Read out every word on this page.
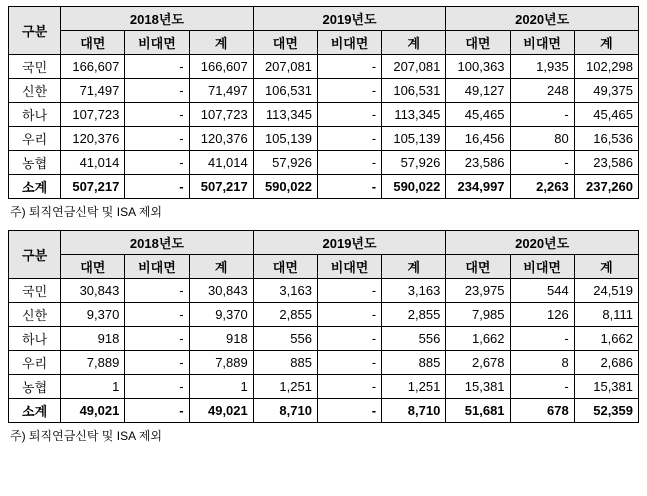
구분	2018년도			2019년도			2020년도		
	대면	비대면	계	대면	비대면	계	대면	비대면	계
국민	166,607	-	166,607	207,081	-	207,081	100,363	1,935	102,298
신한	71,497	-	71,497	106,531	-	106,531	49,127	248	49,375
하나	107,723	-	107,723	113,345	-	113,345	45,465	-	45,465
우리	120,376	-	120,376	105,139	-	105,139	16,456	80	16,536
농협	41,014	-	41,014	57,926	-	57,926	23,586	-	23,586
소계	507,217	-	507,217	590,022	-	590,022	234,997	2,263	237,260
주) 퇴직연금신탁 및 ISA 제외
구분	2018년도			2019년도			2020년도		
	대면	비대면	계	대면	비대면	계	대면	비대면	계
국민	30,843	-	30,843	3,163	-	3,163	23,975	544	24,519
신한	9,370	-	9,370	2,855	-	2,855	7,985	126	8,111
하나	918	-	918	556	-	556	1,662	-	1,662
우리	7,889	-	7,889	885	-	885	2,678	8	2,686
농협	1	-	1	1,251	-	1,251	15,381	-	15,381
소계	49,021	-	49,021	8,710	-	8,710	51,681	678	52,359
주) 퇴직연금신탁 및 ISA 제외
